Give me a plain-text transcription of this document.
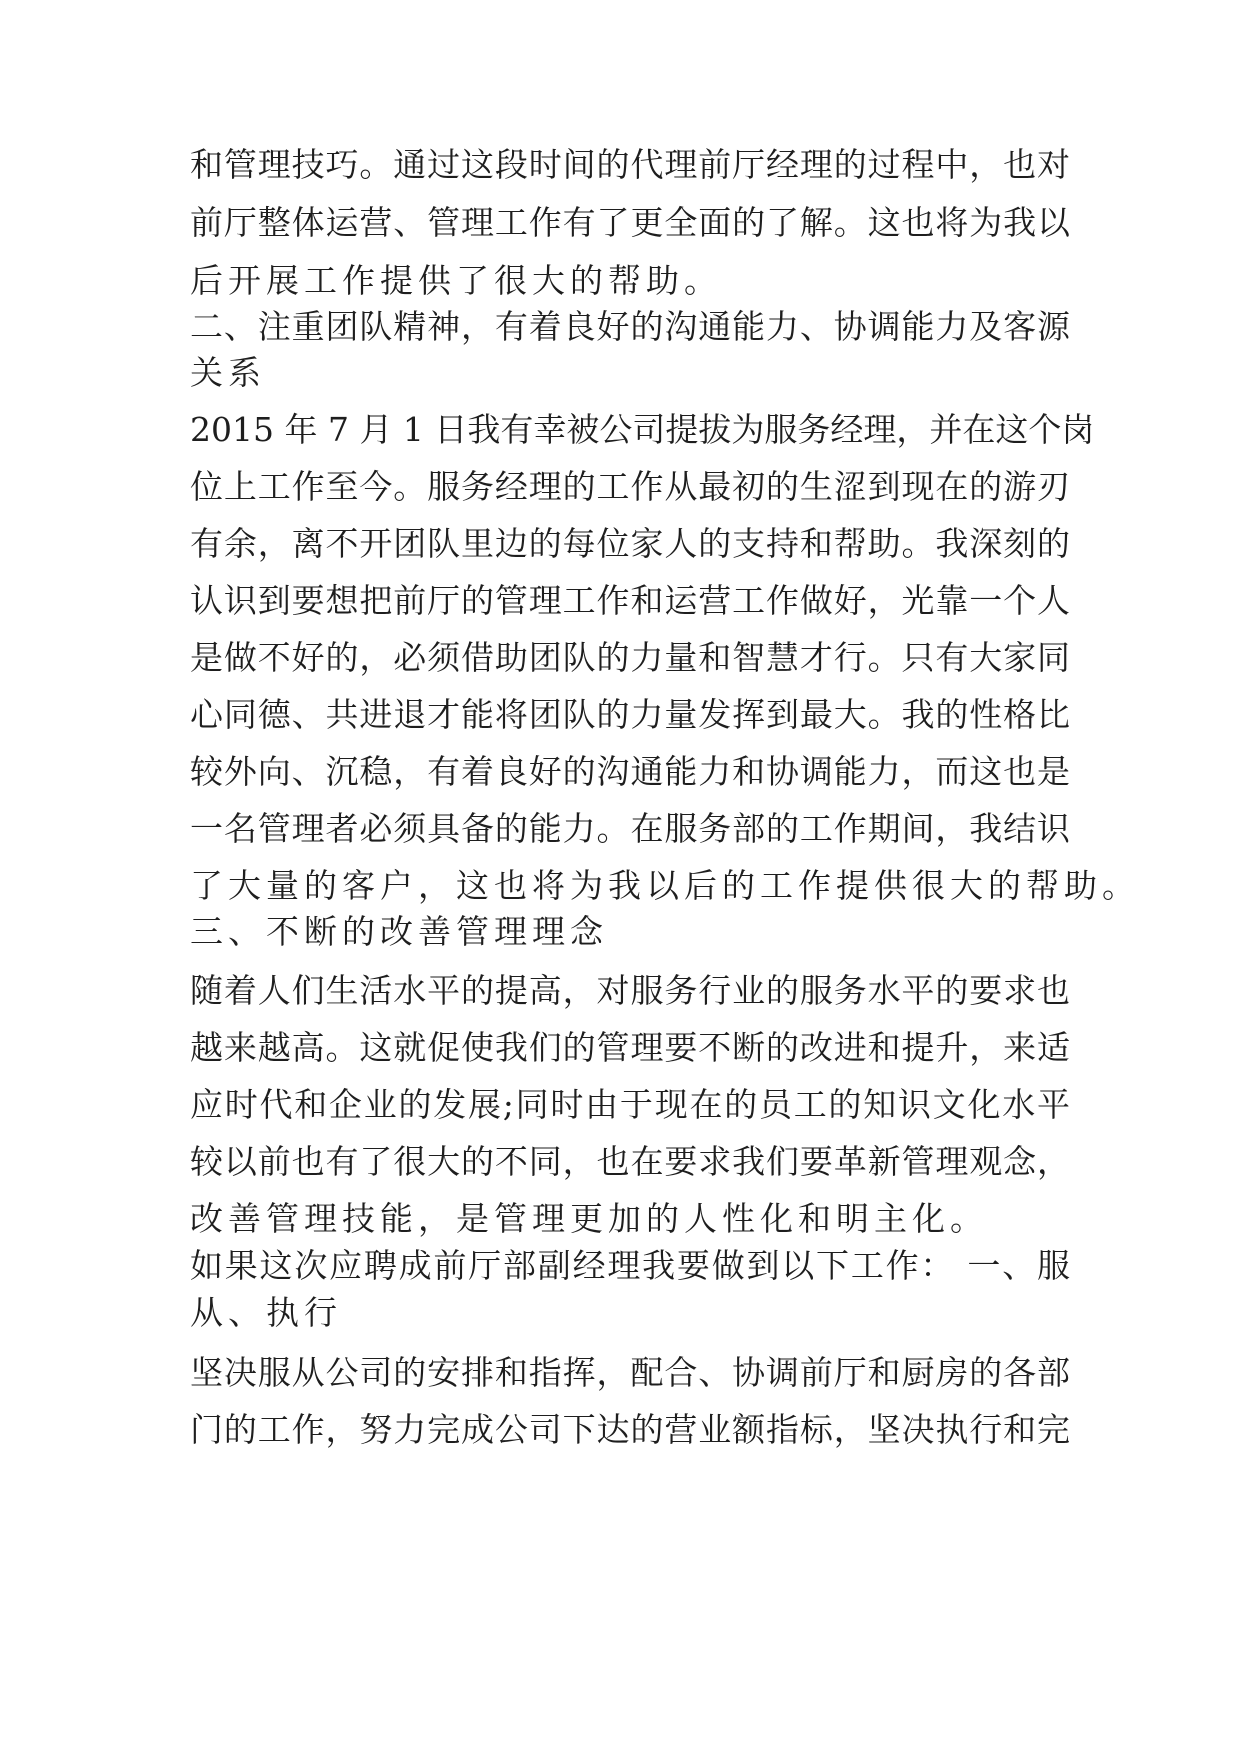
和管理技巧。通过这段时间的代理前厅经理的过程中，也对

前厅整体运营、管理工作有了更全面的了解。这也将为我以

后开展工作提供了很大的帮助。

二、注重团队精神，有着良好的沟通能力、协调能力及客源

关系

2015 年 7 月 1 日我有幸被公司提拔为服务经理，并在这个岗

位上工作至今。服务经理的工作从最初的生涩到现在的游刃

有余，离不开团队里边的每位家人的支持和帮助。我深刻的

认识到要想把前厅的管理工作和运营工作做好，光靠一个人

是做不好的，必须借助团队的力量和智慧才行。只有大家同

心同德、共进退才能将团队的力量发挥到最大。我的性格比

较外向、沉稳，有着良好的沟通能力和协调能力，而这也是

一名管理者必须具备的能力。在服务部的工作期间，我结识

了大量的客户，这也将为我以后的工作提供很大的帮助。

三、不断的改善管理理念

随着人们生活水平的提高，对服务行业的服务水平的要求也

越来越高。这就促使我们的管理要不断的改进和提升，来适

应时代和企业的发展;同时由于现在的员工的知识文化水平

较以前也有了很大的不同，也在要求我们要革新管理观念，

改善管理技能，是管理更加的人性化和明主化。

如果这次应聘成前厅部副经理我要做到以下工作： 一、服

从、执行

坚决服从公司的安排和指挥，配合、协调前厅和厨房的各部

门的工作，努力完成公司下达的营业额指标，坚决执行和完
